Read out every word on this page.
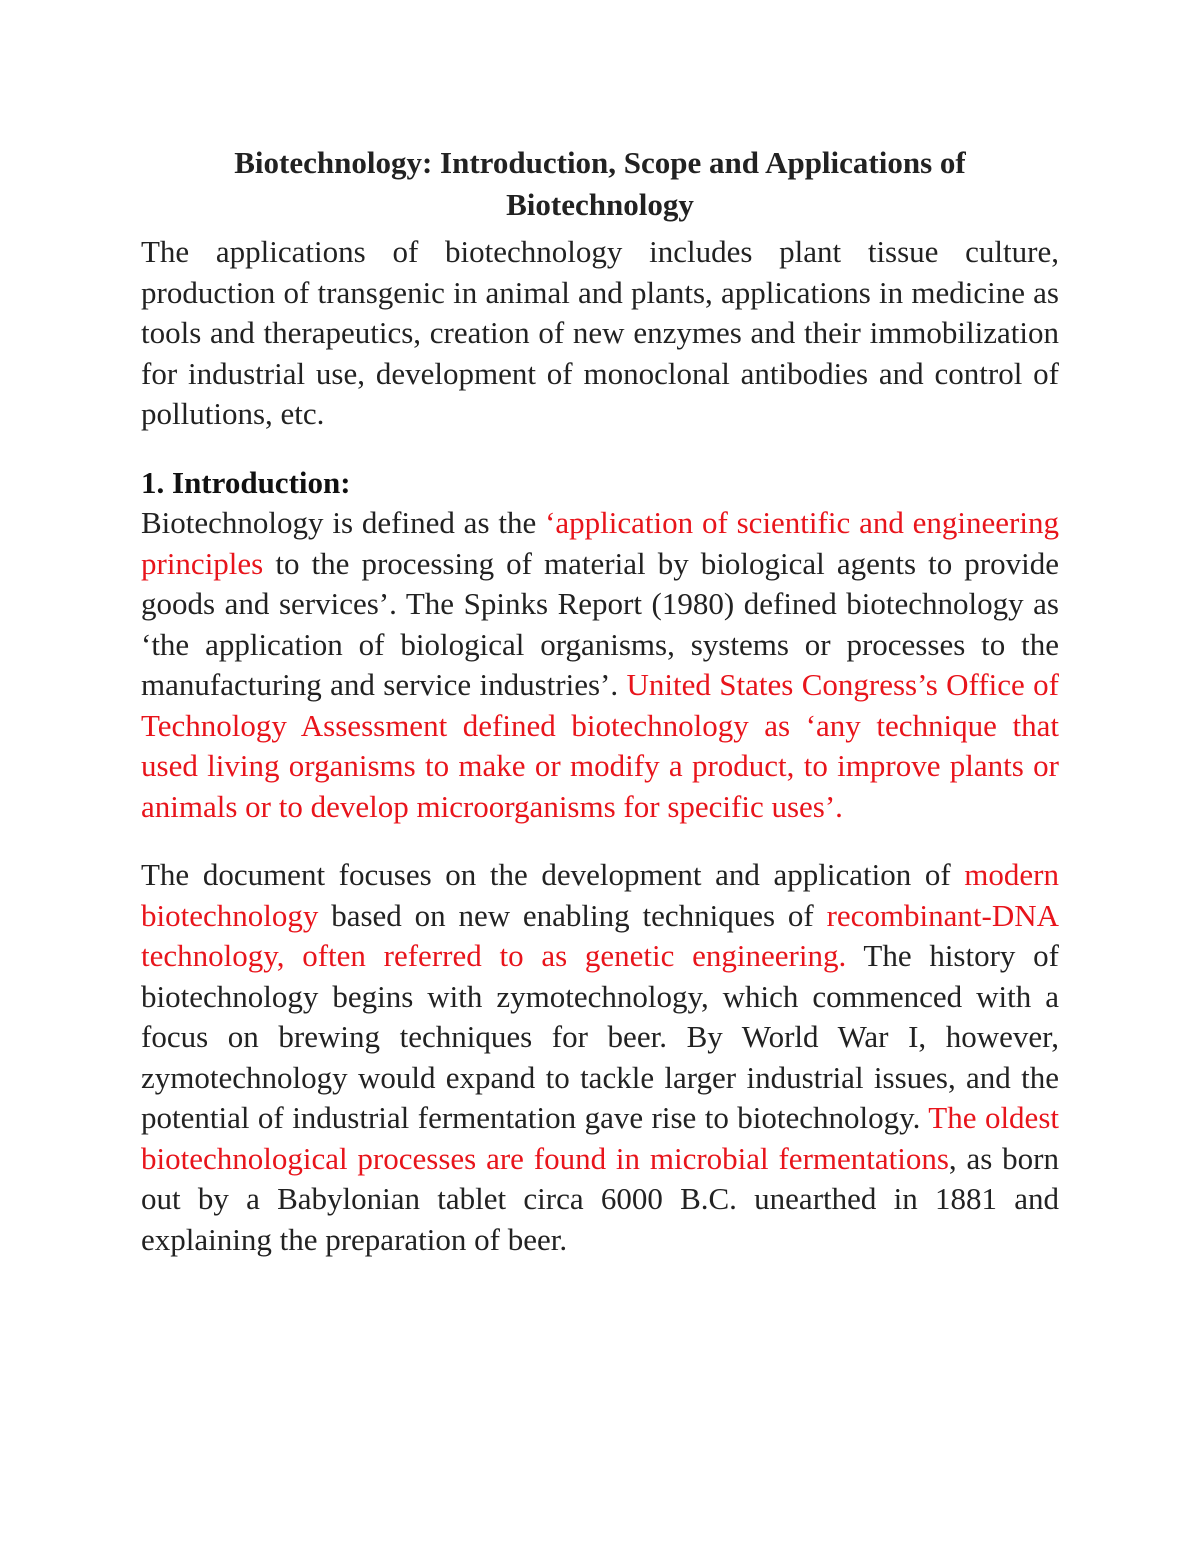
Biotechnology: Introduction, Scope and Applications of
Biotechnology

The applications of biotechnology includes plant tissue culture, production of transgenic in animal and plants, applications in medicine as tools and therapeutics, creation of new enzymes and their immobilization for industrial use, development of monoclonal antibodies and control of pollutions, etc.

1. Introduction:

Biotechnology is defined as the ‘application of scientific and engineering principles to the processing of material by biological agents to provide goods and services’. The Spinks Report (1980) defined biotechnology as ‘the application of biological organisms, systems or processes to the manufacturing and service industries’. United States Congress’s Office of Technology Assessment defined biotechnology as ‘any technique that used living organisms to make or modify a product, to improve plants or animals or to develop microorganisms for specific uses’.

The document focuses on the development and application of modern biotechnology based on new enabling techniques of recombinant-DNA technology, often referred to as genetic engineering. The history of biotechnology begins with zymotechnology, which commenced with a focus on brewing techniques for beer. By World War I, however, zymotechnology would expand to tackle larger industrial issues, and the potential of industrial fermentation gave rise to biotechnology. The oldest biotechnological processes are found in microbial fermentations, as born out by a Babylonian tablet circa 6000 B.C. unearthed in 1881 and explaining the preparation of beer.
